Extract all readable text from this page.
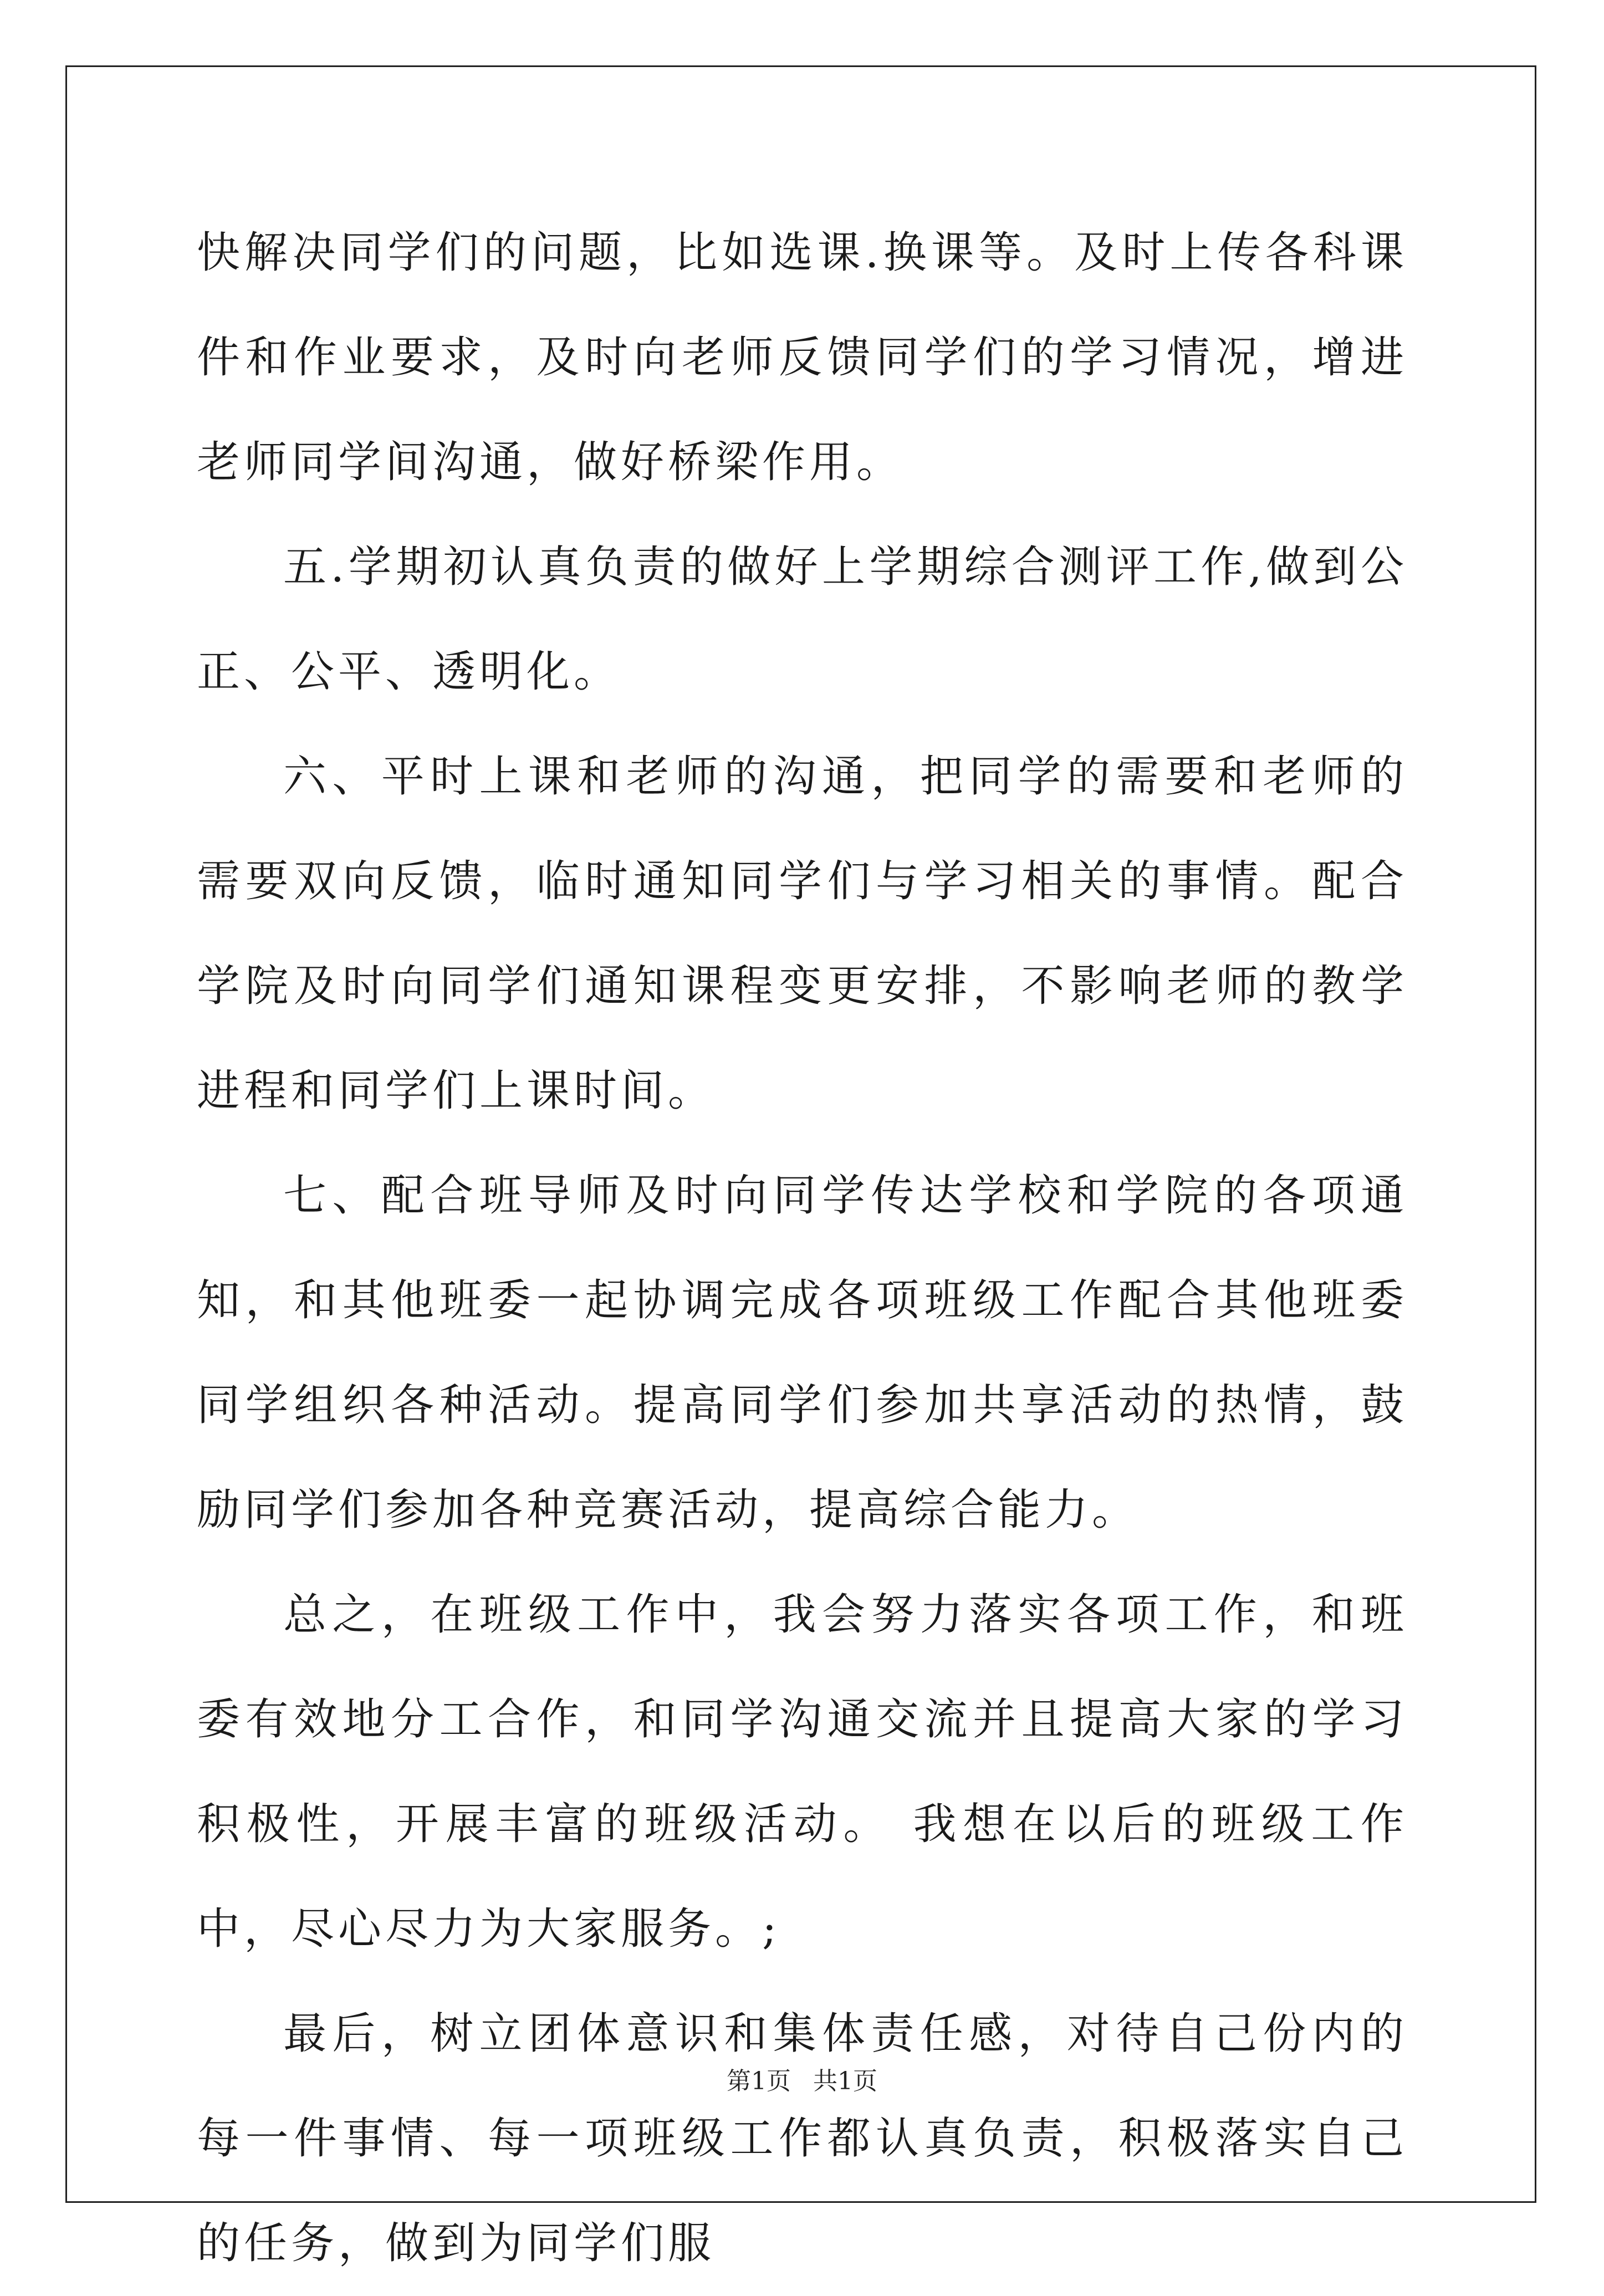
快解决同学们的问题，比如选课.换课等。及时上传各科课件和作业要求，及时向老师反馈同学们的学习情况，增进老师同学间沟通，做好桥梁作用。

五.学期初认真负责的做好上学期综合测评工作,做到公正、公平、透明化。

六、平时上课和老师的沟通，把同学的需要和老师的需要双向反馈，临时通知同学们与学习相关的事情。配合学院及时向同学们通知课程变更安排，不影响老师的教学进程和同学们上课时间。

七、配合班导师及时向同学传达学校和学院的各项通知，和其他班委一起协调完成各项班级工作配合其他班委同学组织各种活动。提高同学们参加共享活动的热情，鼓励同学们参加各种竞赛活动，提高综合能力。

总之，在班级工作中，我会努力落实各项工作，和班委有效地分工合作，和同学沟通交流并且提高大家的学习积极性，开展丰富的班级活动。 我想在以后的班级工作中，尽心尽力为大家服务。;

最后，树立团体意识和集体责任感，对待自己份内的每一件事情、每一项班级工作都认真负责，积极落实自己的任务，做到为同学们服

第1页 共1页
